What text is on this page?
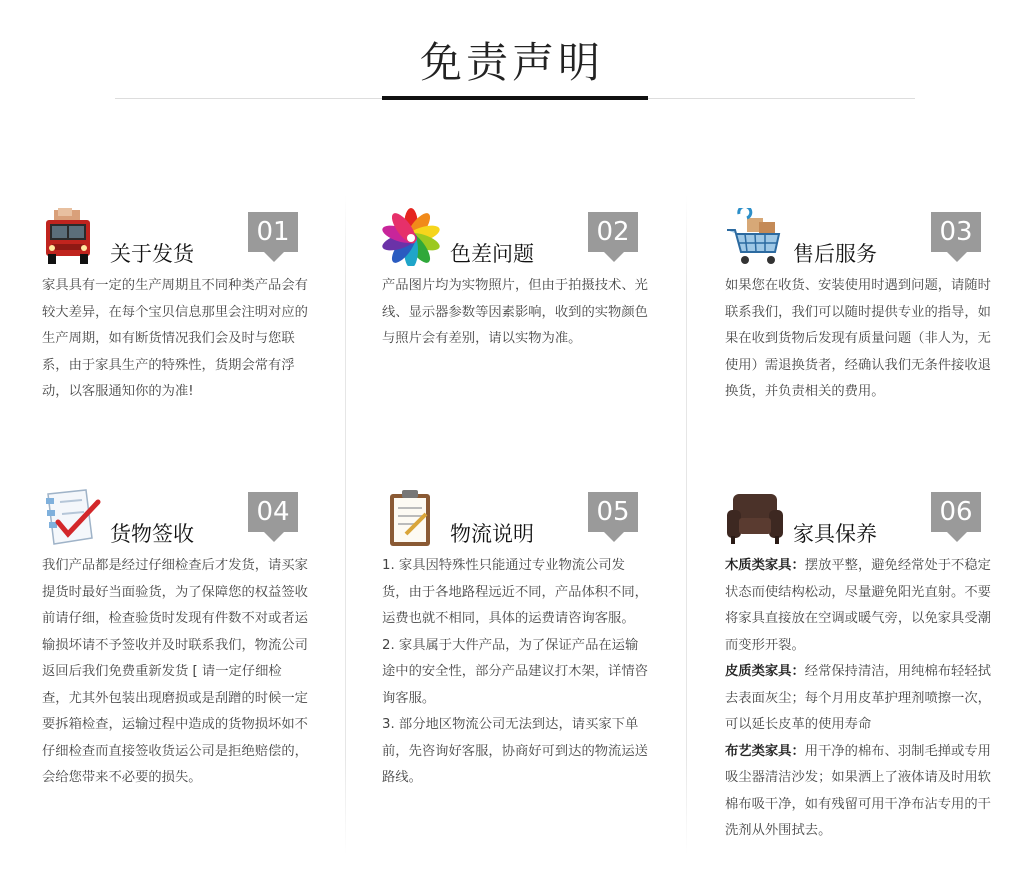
免责声明
关于发货
01

家具具有一定的生产周期且不同种类产品会有较大差异，在每个宝贝信息那里会注明对应的生产周期，如有断货情况我们会及时与您联系，由于家具生产的特殊性，货期会常有浮动，以客服通知你的为准!

色差问题
02

产品图片均为实物照片，但由于拍摄技术、光线、显示器参数等因素影响，收到的实物颜色与照片会有差别，请以实物为准。

售后服务
03

如果您在收货、安装使用时遇到问题，请随时联系我们，我们可以随时提供专业的指导，如果在收到货物后发现有质量问题（非人为，无使用）需退换货者，经确认我们无条件接收退换货，并负责相关的费用。

货物签收
04

我们产品都是经过仔细检查后才发货，请买家提货时最好当面验货，为了保障您的权益签收前请仔细，检查验货时发现有件数不对或者运输损坏请不予签收并及时联系我们，物流公司返回后我们免费重新发货 [ 请一定仔细检查，尤其外包装出现磨损或是刮蹭的时候一定要拆箱检查，运输过程中造成的货物损坏如不仔细检查而直接签收货运公司是拒绝赔偿的，会给您带来不必要的损失。

物流说明
05

1. 家具因特殊性只能通过专业物流公司发货，由于各地路程远近不同，产品体积不同，运费也就不相同，具体的运费请咨询客服。

2. 家具属于大件产品，为了保证产品在运输途中的安全性，部分产品建议打木架，详情咨询客服。

3. 部分地区物流公司无法到达，请买家下单前，先咨询好客服，协商好可到达的物流运送路线。

家具保养
06

木质类家具：摆放平整，避免经常处于不稳定状态而使结构松动，尽量避免阳光直射。不要将家具直接放在空调或暖气旁，以免家具受潮而变形开裂。

皮质类家具：经常保持清洁，用纯棉布轻轻拭去表面灰尘；每个月用皮革护理剂喷擦一次，可以延长皮革的使用寿命

布艺类家具：用干净的棉布、羽制毛掸或专用吸尘器清洁沙发；如果洒上了液体请及时用软棉布吸干净，如有残留可用干净布沾专用的干洗剂从外围拭去。
